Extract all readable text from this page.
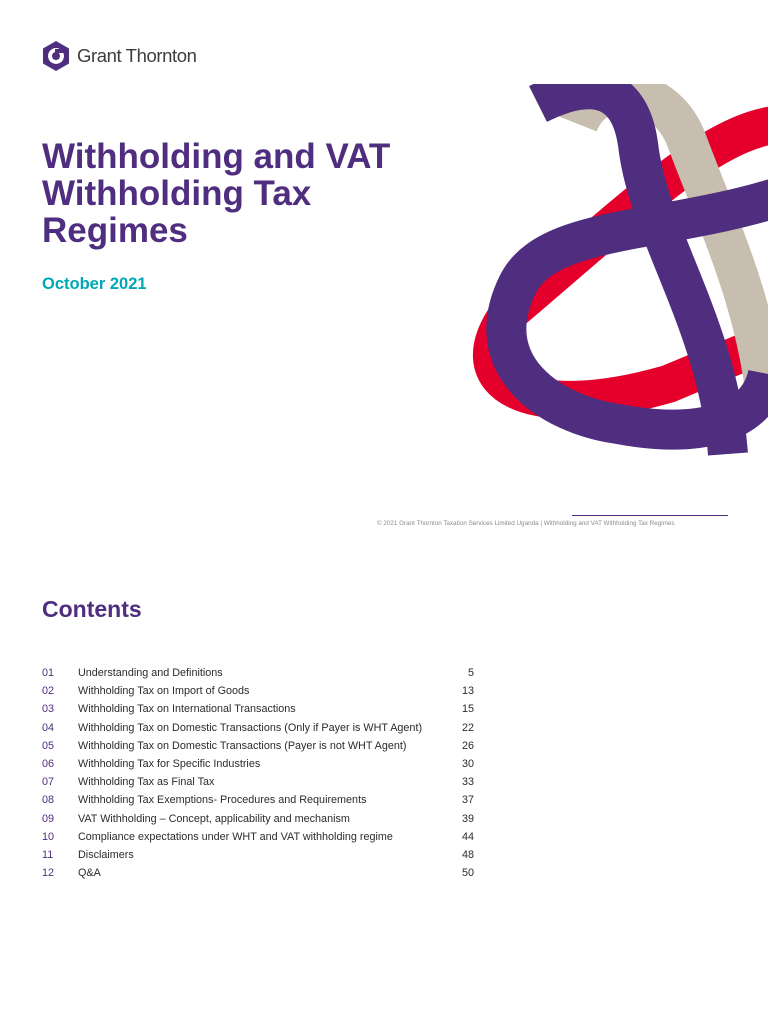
Grant Thornton
Withholding and VAT
Withholding Tax
Regimes
October 2021
© 2021 Grant Thornton Taxation Services Limited Uganda | Withholding and VAT Withholding Tax Regimes
Contents
01 Understanding and Definitions	5
02 Withholding Tax on Import of Goods	13
03 Withholding Tax on International Transactions	15
04 Withholding Tax on Domestic Transactions (Only if Payer is WHT Agent)	22
05 Withholding Tax on Domestic Transactions (Payer is not WHT Agent)	26
06 Withholding Tax for Specific Industries	30
07 Withholding Tax as Final Tax	33
08 Withholding Tax Exemptions- Procedures and Requirements	37
09 VAT Withholding – Concept, applicability and mechanism	39
10 Compliance expectations under WHT and VAT withholding regime	44
11 Disclaimers	48
12 Q&A	50
